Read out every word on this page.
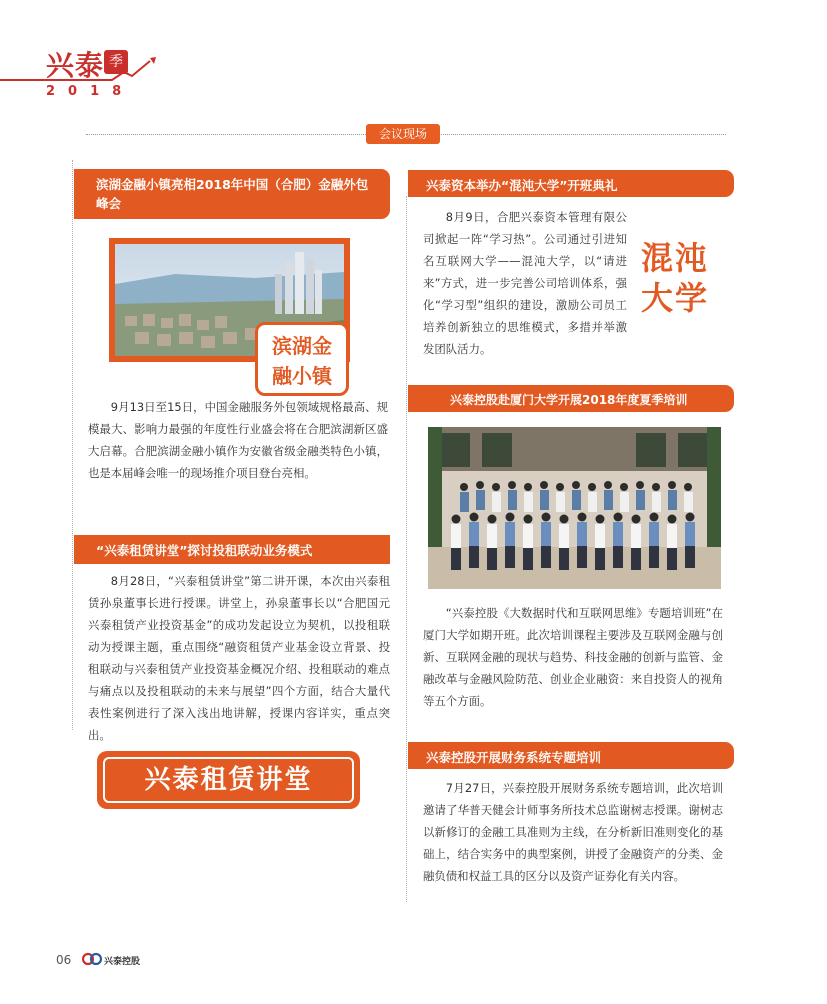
兴泰 季
2018
会议现场
滨湖金融小镇亮相2018年中国（合肥）金融外包峰会
滨湖金融小镇
9月13日至15日，中国金融服务外包领域规格最高、规模最大、影响力最强的年度性行业盛会将在合肥滨湖新区盛大启幕。合肥滨湖金融小镇作为安徽省级金融类特色小镇，也是本届峰会唯一的现场推介项目登台亮相。
“兴泰租赁讲堂”探讨投租联动业务模式
8月28日，“兴泰租赁讲堂”第二讲开课，本次由兴泰租赁孙泉董事长进行授课。讲堂上，孙泉董事长以“合肥国元兴泰租赁产业投资基金”的成功发起设立为契机，以投租联动为授课主题，重点围绕“融资租赁产业基金设立背景、投租联动与兴泰租赁产业投资基金概况介绍、投租联动的难点与痛点以及投租联动的未来与展望”四个方面，结合大量代表性案例进行了深入浅出地讲解，授课内容详实，重点突出。
兴泰租赁讲堂
兴泰资本举办“混沌大学”开班典礼
8月9日，合肥兴泰资本管理有限公司掀起一阵“学习热”。公司通过引进知名互联网大学——混沌大学，以“请进来”方式，进一步完善公司培训体系，强化“学习型”组织的建设，激励公司员工培养创新独立的思维模式，多措并举激发团队活力。
混沌大学
兴泰控股赴厦门大学开展2018年度夏季培训
“兴泰控股《大数据时代和互联网思维》专题培训班”在厦门大学如期开班。此次培训课程主要涉及互联网金融与创新、互联网金融的现状与趋势、科技金融的创新与监管、金融改革与金融风险防范、创业企业融资：来自投资人的视角等五个方面。
兴泰控股开展财务系统专题培训
7月27日，兴泰控股开展财务系统专题培训，此次培训邀请了华普天健会计师事务所技术总监谢树志授课。谢树志以新修订的金融工具准则为主线，在分析新旧准则变化的基础上，结合实务中的典型案例，讲授了金融资产的分类、金融负债和权益工具的区分以及资产证券化有关内容。
06	兴泰控股
